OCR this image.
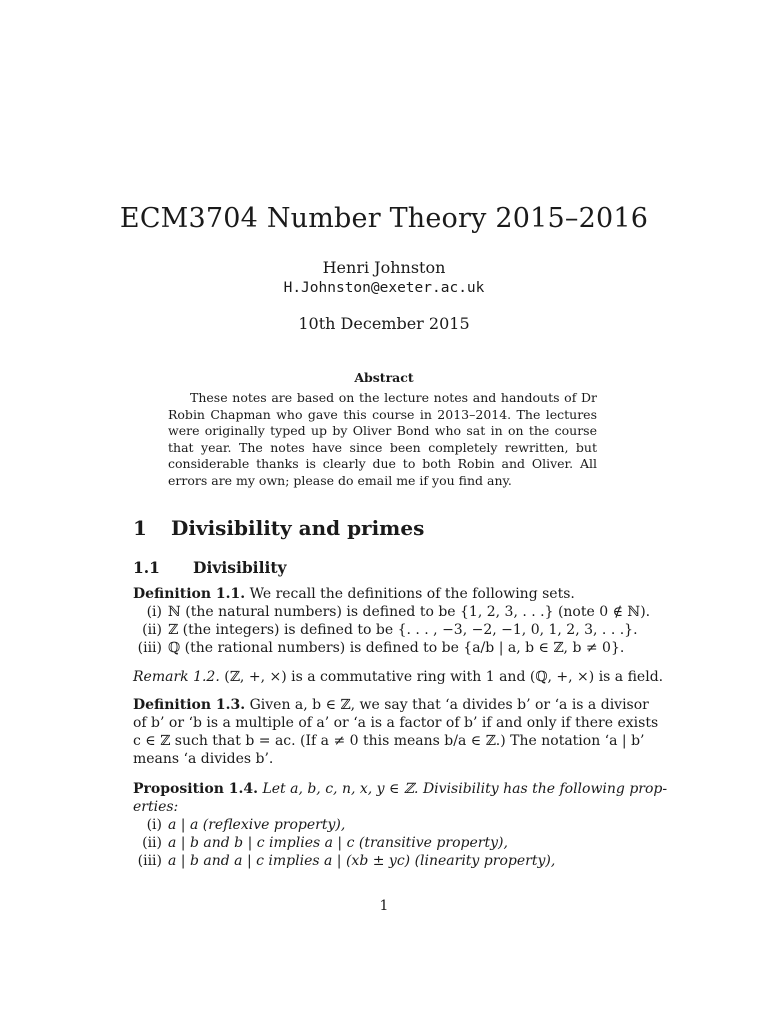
ECM3704 Number Theory 2015–2016
Henri Johnston
H.Johnston@exeter.ac.uk
10th December 2015
Abstract

These notes are based on the lecture notes and handouts of Dr Robin Chapman who gave this course in 2013–2014. The lectures were originally typed up by Oliver Bond who sat in on the course that year. The notes have since been completely rewritten, but considerable thanks is clearly due to both Robin and Oliver. All errors are my own; please do email me if you find any.

1 Divisibility and primes
1.1 Divisibility
Definition 1.1. We recall the definitions of the following sets.
(i) ℕ (the natural numbers) is defined to be {1, 2, 3, . . .} (note 0 ∉ ℕ).
(ii) ℤ (the integers) is defined to be {. . . , −3, −2, −1, 0, 1, 2, 3, . . .}.
(iii) ℚ (the rational numbers) is defined to be {a/b | a, b ∈ ℤ, b ≠ 0}.
Remark 1.2. (ℤ, +, ×) is a commutative ring with 1 and (ℚ, +, ×) is a field.
Definition 1.3. Given a, b ∈ ℤ, we say that ‘a divides b’ or ‘a is a divisor
of b’ or ‘b is a multiple of a’ or ‘a is a factor of b’ if and only if there exists
c ∈ ℤ such that b = ac. (If a ≠ 0 this means b/a ∈ ℤ.) The notation ‘a | b’
means ‘a divides b’.
Proposition 1.4. Let a, b, c, n, x, y ∈ ℤ. Divisibility has the following prop-
erties:
(i) a | a (reflexive property),
(ii) a | b and b | c implies a | c (transitive property),
(iii) a | b and a | c implies a | (xb ± yc) (linearity property),
1
